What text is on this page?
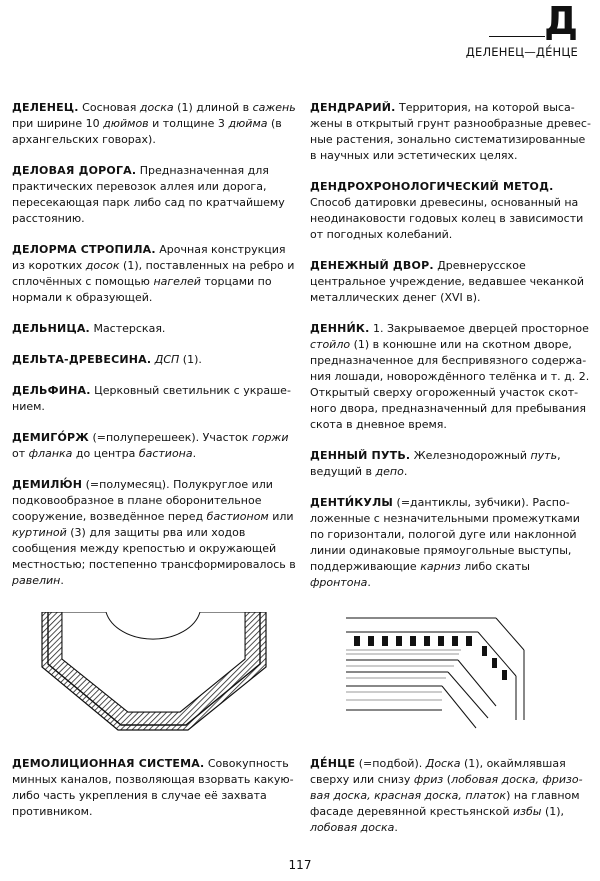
Д
ДЕЛЕНЕЦ—ДЕ́НЦЕ
ДЕЛЕНЕЦ. Сосновая доска (1) длиной в сажень при ширине 10 дюймов и толщине 3 дюйма (в архангельских говорах).
ДЕЛОВАЯ ДОРОГА. Предназначенная для практических перевозок аллея или дорога, пересекающая парк либо сад по кратчайшему расстоянию.
ДЕЛОРМА СТРОПИЛА. Арочная конструкция из коротких досок (1), поставленных на ребро и сплочённых с помощью нагелей торцами по нормали к образующей.
ДЕЛЬНИЦА. Мастерская.
ДЕЛЬТА-ДРЕВЕСИНА. ДСП (1).
ДЕЛЬФИНА. Церковный светильник с украшением.
ДЕМИГО́РЖ (=полуперешеек). Участок горжи от фланка до центра бастиона.
ДЕМИЛЮ́Н (=полумесяц). Полукруглое или подковообразное в плане оборонительное сооружение, возведённое перед бастионом или куртиной (3) для защиты рва или ходов сообщения между крепостью и окружающей местностью; постепенно трансформировалось в равелин.
ДЕНДРАРИЙ. Территория, на которой высажены в открытый грунт разнообразные древесные растения, зонально систематизированные в научных или эстетических целях.
ДЕНДРОХРОНОЛОГИЧЕСКИЙ МЕТОД. Способ датировки древесины, основанный на неодинаковости годовых колец в зависимости от погодных колебаний.
ДЕНЕЖНЫЙ ДВОР. Древнерусское центральное учреждение, ведавшее чеканкой металлических денег (XVI в).
ДЕННИ́К. 1. Закрываемое дверцей просторное стойло (1) в конюшне или на скотном дворе, предназначенное для беспривязного содержания лошади, новорождённого телёнка и т. д. 2. Открытый сверху огороженный участок скотного двора, предназначенный для пребывания скота в дневное время.
ДЕННЫЙ ПУТЬ. Железнодорожный путь, ведущий в депо.
ДЕНТИ́КУЛЫ (=дантиклы, зубчики). Расположенные с незначительными промежутками по горизонтали, пологой дуге или наклонной линии одинаковые прямоугольные выступы, поддерживающие карниз либо скаты фронтона.
ДЕМОЛИЦИОННАЯ СИСТЕМА. Совокупность минных каналов, позволяющая взорвать какую-либо часть укрепления в случае её захвата противником.
ДЕ́НЦЕ (=подбой). Доска (1), окаймлявшая сверху или снизу фриз (лобовая доска, фризовая доска, красная доска, платок) на главном фасаде деревянной крестьянской избы (1), лобовая доска.
117
